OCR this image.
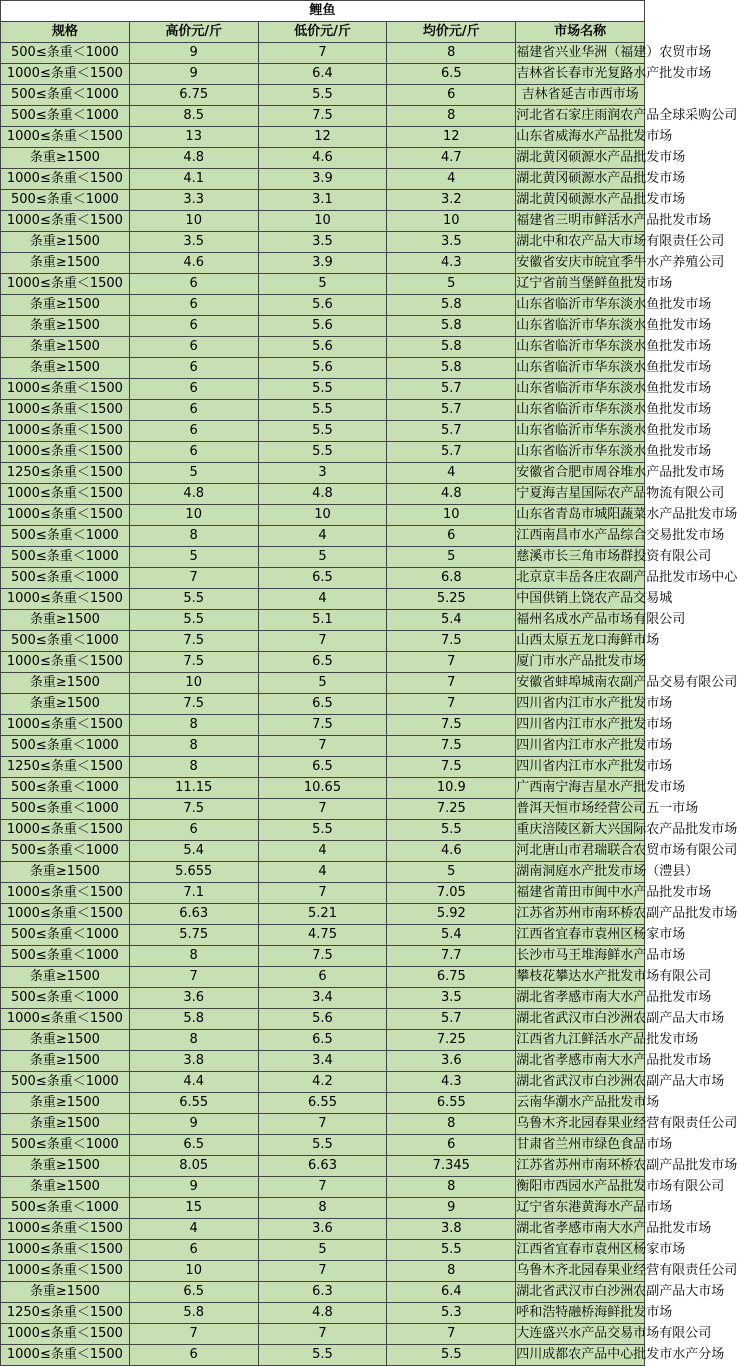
鲤鱼				
规格	高价元/斤	低价元/斤	均价元/斤	市场名称
500≤条重＜1000	9	7	8	福建省兴业华洲（福建）农贸市场
1000≤条重＜1500	9	6.4	6.5	吉林省长春市光复路水产批发市场
500≤条重＜1000	6.75	5.5	6	吉林省延吉市西市场
500≤条重＜1000	8.5	7.5	8	河北省石家庄雨润农产品全球采购公司
1000≤条重＜1500	13	12	12	山东省威海水产品批发市场
条重≥1500	4.8	4.6	4.7	湖北黄冈硕源水产品批发市场
1000≤条重＜1500	4.1	3.9	4	湖北黄冈硕源水产品批发市场
500≤条重＜1000	3.3	3.1	3.2	湖北黄冈硕源水产品批发市场
1000≤条重＜1500	10	10	10	福建省三明市鲜活水产品批发市场
条重≥1500	3.5	3.5	3.5	湖北中和农产品大市场有限责任公司
条重≥1500	4.6	3.9	4.3	安徽省安庆市皖宜季牛水产养殖公司
1000≤条重＜1500	6	5	5	辽宁省前当堡鲜鱼批发市场
条重≥1500	6	5.6	5.8	山东省临沂市华东淡水鱼批发市场
条重≥1500	6	5.6	5.8	山东省临沂市华东淡水鱼批发市场
条重≥1500	6	5.6	5.8	山东省临沂市华东淡水鱼批发市场
条重≥1500	6	5.6	5.8	山东省临沂市华东淡水鱼批发市场
1000≤条重＜1500	6	5.5	5.7	山东省临沂市华东淡水鱼批发市场
1000≤条重＜1500	6	5.5	5.7	山东省临沂市华东淡水鱼批发市场
1000≤条重＜1500	6	5.5	5.7	山东省临沂市华东淡水鱼批发市场
1000≤条重＜1500	6	5.5	5.7	山东省临沂市华东淡水鱼批发市场
1250≤条重＜1500	5	3	4	安徽省合肥市周谷堆水产品批发市场
1000≤条重＜1500	4.8	4.8	4.8	宁夏海吉星国际农产品物流有限公司
1000≤条重＜1500	10	10	10	山东省青岛市城阳蔬菜水产品批发市场
500≤条重＜1000	8	4	6	江西南昌市水产品综合交易批发市场
500≤条重＜1000	5	5	5	慈溪市长三角市场群投资有限公司
500≤条重＜1000	7	6.5	6.8	北京京丰岳各庄农副产品批发市场中心
1000≤条重＜1500	5.5	4	5.25	中国供销上饶农产品交易城
条重≥1500	5.5	5.1	5.4	福州名成水产品市场有限公司
500≤条重＜1000	7.5	7	7.5	山西太原五龙口海鲜市场
1000≤条重＜1500	7.5	6.5	7	厦门市水产品批发市场
条重≥1500	10	5	7	安徽省蚌埠城南农副产品交易有限公司
条重≥1500	7.5	6.5	7	四川省内江市水产批发市场
1000≤条重＜1500	8	7.5	7.5	四川省内江市水产批发市场
500≤条重＜1000	8	7	7.5	四川省内江市水产批发市场
1250≤条重＜1500	8	6.5	7.5	四川省内江市水产批发市场
500≤条重＜1000	11.15	10.65	10.9	广西南宁海吉星水产批发市场
500≤条重＜1000	7.5	7	7.25	普洱天恒市场经营公司五一市场
1000≤条重＜1500	6	5.5	5.5	重庆涪陵区新大兴国际农产品批发市场
500≤条重＜1000	5.4	4	4.6	河北唐山市君瑞联合农贸市场有限公司
条重≥1500	5.655	4	5	湖南洞庭水产批发市场（澧县）
1000≤条重＜1500	7.1	7	7.05	福建省莆田市闽中水产品批发市场
1000≤条重＜1500	6.63	5.21	5.92	江苏省苏州市南环桥农副产品批发市场
500≤条重＜1000	5.75	4.75	5.4	江西省宜春市袁州区杨家市场
500≤条重＜1000	8	7.5	7.7	长沙市马王堆海鲜水产品市场
条重≥1500	7	6	6.75	攀枝花攀达水产批发市场有限公司
500≤条重＜1000	3.6	3.4	3.5	湖北省孝感市南大水产品批发市场
1000≤条重＜1500	5.8	5.6	5.7	湖北省武汉市白沙洲农副产品大市场
条重≥1500	8	6.5	7.25	江西省九江鲜活水产品批发市场
条重≥1500	3.8	3.4	3.6	湖北省孝感市南大水产品批发市场
500≤条重＜1000	4.4	4.2	4.3	湖北省武汉市白沙洲农副产品大市场
条重≥1500	6.55	6.55	6.55	云南华潮水产品批发市场
条重≥1500	9	7	8	乌鲁木齐北园春果业经营有限责任公司
500≤条重＜1000	6.5	5.5	6	甘肃省兰州市绿色食品市场
条重≥1500	8.05	6.63	7.345	江苏省苏州市南环桥农副产品批发市场
条重≥1500	9	7	8	衡阳市西园水产品批发市场有限公司
500≤条重＜1000	15	8	9	辽宁省东港黄海水产品市场
1000≤条重＜1500	4	3.6	3.8	湖北省孝感市南大水产品批发市场
1000≤条重＜1500	6	5	5.5	江西省宜春市袁州区杨家市场
1000≤条重＜1500	10	7	8	乌鲁木齐北园春果业经营有限责任公司
条重≥1500	6.5	6.3	6.4	湖北省武汉市白沙洲农副产品大市场
1250≤条重＜1500	5.8	4.8	5.3	呼和浩特融桥海鲜批发市场
1000≤条重＜1500	7	7	7	大连盛兴水产品交易市场有限公司
1000≤条重＜1500	6	5.5	5.5	四川成都农产品中心批发市水产分场
